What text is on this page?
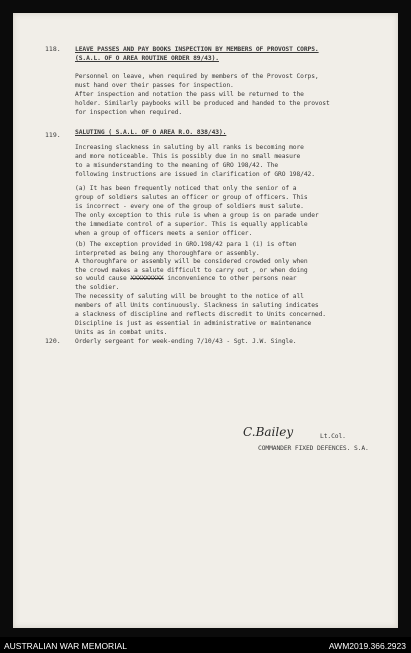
118. LEAVE PASSES AND PAY BOOKS INSPECTION BY MEMBERS OF PROVOST CORPS.
(S.A.L. OF O AREA ROUTINE ORDER 89/43).
Personnel on leave, when required by members of the Provost Corps,
must hand over their passes for inspection.
After inspection and notation the pass will be returned to the
holder. Similarly paybooks will be produced and handed to the provost
for inspection when required.
119. SALUTING ( S.A.L. OF O AREA R.O. 838/43).
Increasing slackness in saluting by all ranks is becoming more
and more noticeable. This is possibly due in no small measure
to a misunderstanding to the meaning of GRO 198/42. The
following instructions are issued in clarification of GRO 198/42.
(a) It has been frequently noticed that only the senior of a
group of soldiers salutes an officer or group of officers. This
is incorrect - every one of the group of soldiers must salute.
The only exception to this rule is when a group is on parade under
the immediate control of a superior. This is equally applicable
when a group of officers meets a senior officer.
(b) The exception provided in GRO.198/42 para 1 (i) is often
interpreted as being any thoroughfare or assembly.
A thoroughfare or assembly will be considered crowded only when
the crowd makes a salute difficult to carry out , or when doing
so would cause XXXXXXXXX inconvenience to other persons near
the soldier.
The necessity of saluting will be brought to the notice of all
members of all Units continuously. Slackness in saluting indicates
a slackness of discipline and reflects discredit to Units concerned.
Discipline is just as essential in administrative or maintenance
Units as in combat units.
120. Orderly sergeant for week-ending 7/10/43 - Sgt. J.W. Single.
C.Bailey	Lt.Col.
COMMANDER FIXED DEFENCES. S.A.
AUSTRALIAN WAR MEMORIAL	AWM2019.366.2923
